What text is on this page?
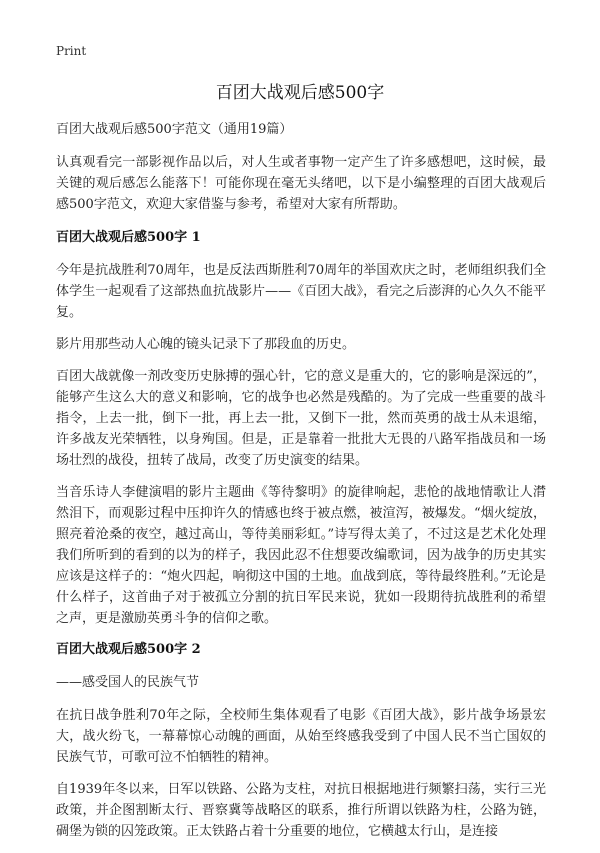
Print
百团大战观后感500字

百团大战观后感500字范文（通用19篇）

认真观看完一部影视作品以后，对人生或者事物一定产生了许多感想吧，这时候，最关键的观后感怎么能落下！可能你现在毫无头绪吧，以下是小编整理的百团大战观后感500字范文，欢迎大家借鉴与参考，希望对大家有所帮助。

百团大战观后感500字 1

今年是抗战胜利70周年，也是反法西斯胜利70周年的举国欢庆之时，老师组织我们全体学生一起观看了这部热血抗战影片——《百团大战》，看完之后澎湃的心久久不能平复。

影片用那些动人心魄的镜头记录下了那段血的历史。

百团大战就像一剂改变历史脉搏的强心针，它的意义是重大的，它的影响是深远的”，能够产生这么大的意义和影响，它的战争也必然是残酷的。为了完成一些重要的战斗指令，上去一批，倒下一批，再上去一批，又倒下一批，然而英勇的战士从未退缩，许多战友光荣牺牲，以身殉国。但是，正是靠着一批批大无畏的八路军指战员和一场场壮烈的战役，扭转了战局，改变了历史演变的结果。

当音乐诗人李健演唱的影片主题曲《等待黎明》的旋律响起，悲怆的战地情歌让人潸然泪下，而观影过程中压抑许久的情感也终于被点燃，被渲泻，被爆发。“烟火绽放，照亮着沧桑的夜空，越过高山，等待美丽彩虹。”诗写得太美了，不过这是艺术化处理我们所听到的看到的以为的样子，我因此忍不住想要改编歌词，因为战争的历史其实应该是这样子的：“炮火四起，响彻这中国的土地。血战到底，等待最终胜利。”无论是什么样子，这首曲子对于被孤立分割的抗日军民来说，犹如一段期待抗战胜利的希望之声，更是激励英勇斗争的信仰之歌。

百团大战观后感500字 2

——感受国人的民族气节

在抗日战争胜利70年之际，全校师生集体观看了电影《百团大战》，影片战争场景宏大，战火纷飞，一幕幕惊心动魄的画面，从始至终感我受到了中国人民不当亡国奴的民族气节，可歌可泣不怕牺牲的精神。

自1939年冬以来，日军以铁路、公路为支柱，对抗日根据地进行频繁扫荡，实行三光政策，并企图割断太行、晋察冀等战略区的联系，推行所谓以铁路为柱，公路为链，碉堡为锁的囚笼政策。正太铁路占着十分重要的地位，它横越太行山，是连接
